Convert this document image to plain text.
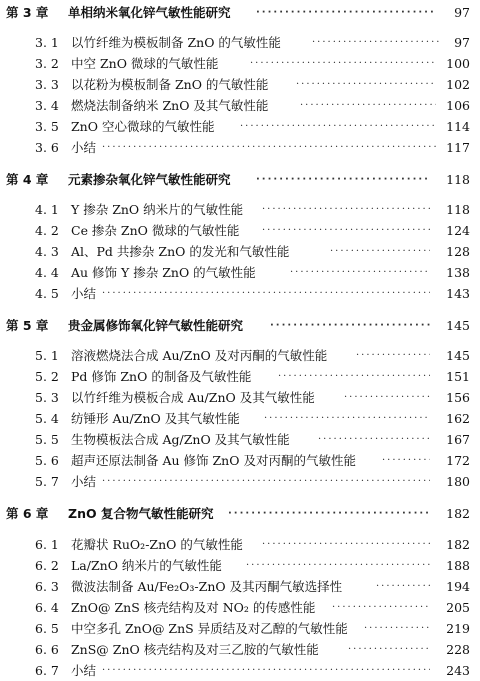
第 3 章 单相纳米氧化锌气敏性能研究 ·····	97
3. 1 以竹纤维为模板制备 ZnO 的气敏性能 ·····	97
3. 2 中空 ZnO 微球的气敏性能 ·····	100
3. 3 以花粉为模板制备 ZnO 的气敏性能 ·····	102
3. 4 燃烧法制备纳米 ZnO 及其气敏性能 ·····	106
3. 5 ZnO 空心微球的气敏性能 ·····	114
3. 6 小结 ·····	117
第 4 章 元素掺杂氧化锌气敏性能研究 ·····	118
4. 1 Y 掺杂 ZnO 纳米片的气敏性能 ·····	118
4. 2 Ce 掺杂 ZnO 微球的气敏性能 ·····	124
4. 3 Al、Pd 共掺杂 ZnO 的发光和气敏性能 ·····	128
4. 4 Au 修饰 Y 掺杂 ZnO 的气敏性能 ·····	138
4. 5 小结 ·····	143
第 5 章 贵金属修饰氧化锌气敏性能研究 ·····	145
5. 1 溶液燃烧法合成 Au/ZnO 及对丙酮的气敏性能 ·····	145
5. 2 Pd 修饰 ZnO 的制备及气敏性能 ·····	151
5. 3 以竹纤维为模板合成 Au/ZnO 及其气敏性能 ·····	156
5. 4 纺锤形 Au/ZnO 及其气敏性能 ·····	162
5. 5 生物模板法合成 Ag/ZnO 及其气敏性能 ·····	167
5. 6 超声还原法制备 Au 修饰 ZnO 及对丙酮的气敏性能 ·····	172
5. 7 小结 ·····	180
第 6 章 ZnO 复合物气敏性能研究 ·····	182
6. 1 花瓣状 RuO₂-ZnO 的气敏性能 ·····	182
6. 2 La/ZnO 纳米片的气敏性能 ·····	188
6. 3 微波法制备 Au/Fe₂O₃-ZnO 及其丙酮气敏选择性 ·····	194
6. 4 ZnO@ ZnS 核壳结构及对 NO₂ 的传感性能 ·····	205
6. 5 中空多孔 ZnO@ ZnS 异质结及对乙醇的气敏性能 ·····	219
6. 6 ZnS@ ZnO 核壳结构及对三乙胺的气敏性能 ·····	228
6. 7 小结 ·····	243
